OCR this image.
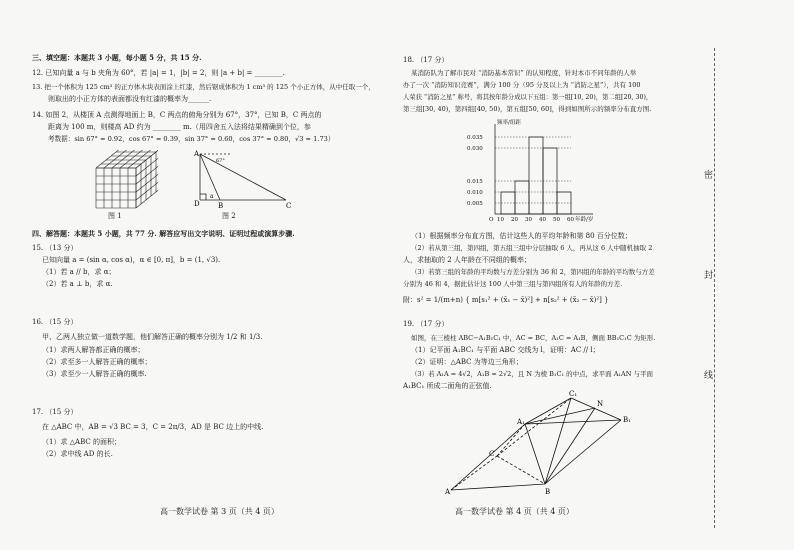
三、填空题：本题共 3 小题，每小题 5 分，共 15 分.
12. 已知向量 a 与 b 夹角为 60°，若 |a| = 1，|b| = 2，则 |a + b| = ________.
13. 把一个体积为 125 cm³ 的正方体木块表面涂上红漆，然后锯成体积为 1 cm³ 的 125 个小正方体，从中任取一个，
则取出的小正方体的表面都没有红漆的概率为______.
14. 如图 2，从楼顶 A 点测得地面上 B，C 两点的俯角分别为 67°，37°，已知 B，C 两点的
距离为 100 m，则楼高 AD 约为 ________ m.（用四舍五入法将结果精确到个位，参
考数据：sin 67° ≈ 0.92，cos 67° ≈ 0.39，sin 37° ≈ 0.60，cos 37° ≈ 0.80，√3 ≈ 1.73）
图 1
A
D	B	C
a
67°
图 2
四、解答题：本题共 5 小题，共 77 分. 解答应写出文字说明、证明过程或演算步骤.
15. （13 分）
已知向量 a = (sin α, cos α)，α ∈ [0, π]，b = (1, √3).
（1）若 a // b，求 α；
（2）若 a ⊥ b，求 α.
16. （15 分）
甲、乙两人独立做一道数学题，他们解答正确的概率分别为 1/2 和 1/3.
（1）求两人解答都正确的概率；
（2）求至多一人解答正确的概率；
（3）求至少一人解答正确的概率.
17. （15 分）
在 △ABC 中，AB = √3 BC = 3，C = 2π/3，AD 是 BC 边上的中线.
（1）求 △ABC 的面积；
（2）求中线 AD 的长.
高一数学试卷 第 3 页（共 4 页）
18. （17 分）
某消防队为了解市民对 “消防基本常识” 的认知程度，针对本市不同年龄的人举
办了一次 “消防知识竞赛”，满分 100 分（95 分及以上为 “消防之星”），共有 100
人荣获 “消防之星” 称号，将其按年龄分成以下五组：第一组[10, 20)，第二组[20, 30)，
第三组[30, 40)，第四组[40, 50)，第五组[50, 60]，得到如图所示的频率分布直方图.
0.005
0.010
0.015
0.030
0.035
O 10 20 30 40 50 60
频率/组距
年龄/岁
（1）根据频率分布直方图，估计这些人的平均年龄和第 80 百分位数；
（2）若从第三组，第四组，第五组三组中分层抽取 6 人，再从这 6 人中随机抽取 2
人，求抽取的 2 人年龄在不同组的概率；
（3）若第三组的年龄的平均数与方差分别为 36 和 2，第四组的年龄的平均数与方差
分别为 46 和 4，据此估计这 100 人中第三组与第四组所有人的年龄的方差.
附：s² = 1/(m+n) { m[s₁² + (x̄₁ − x̄)²] + n[s₂² + (x̄₂ − x̄)²] }
19. （17 分）
如图，在三棱柱 ABC−A₁B₁C₁ 中，AC = BC，A₁C = A₁B，侧面 BB₁C₁C 为矩形.
（1）记平面 A₁BC₁ 与平面 ABC 交线为 l，证明：AC // l；
（2）证明：△ABC 为等边三角形；
（3）若 A₁A = 4√2，A₁B = 2√2，且 N 为棱 B₁C₁ 的中点，求平面 A₁AN 与平面
A₁BC₁ 所成二面角的正弦值.
A	B
C
A₁	B₁
C₁
N
高一数学试卷 第 4 页（共 4 页）
密
封
线
